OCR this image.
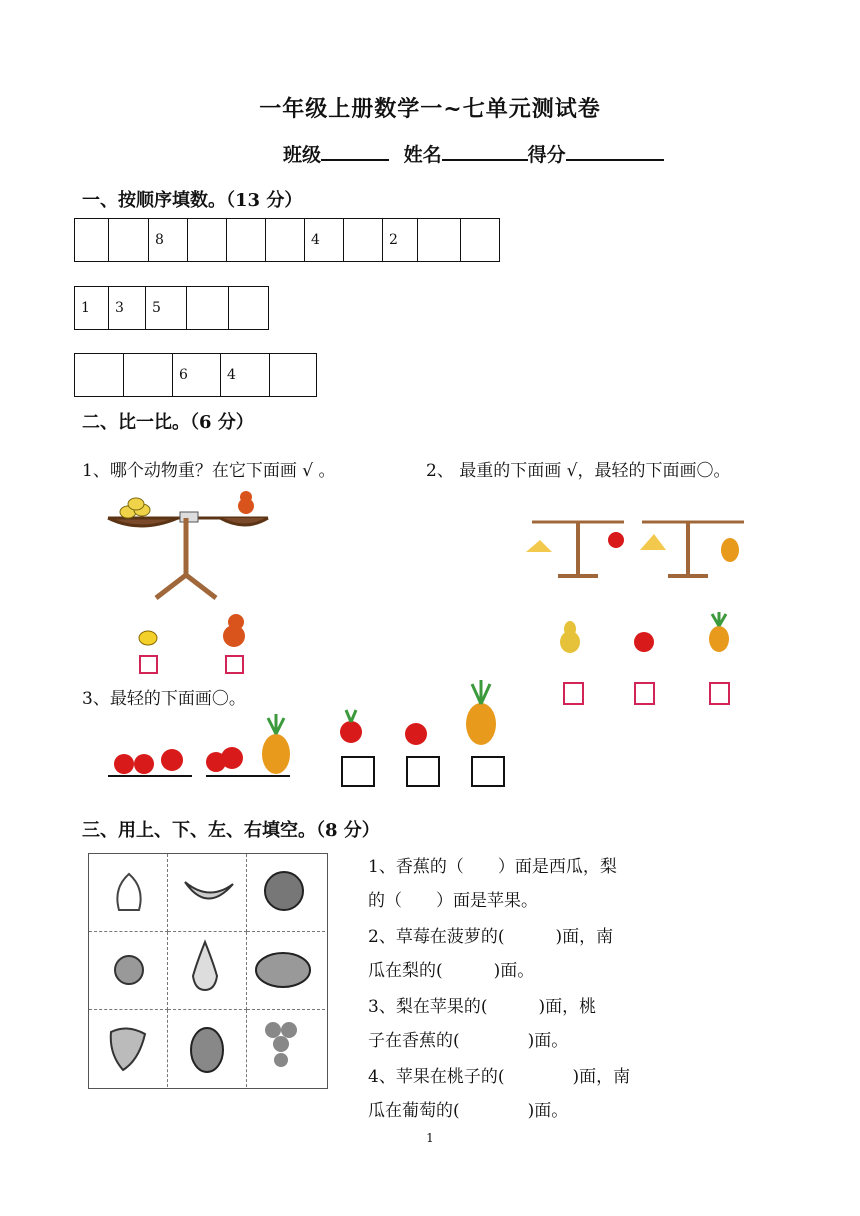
一年级上册数学一~七单元测试卷
班级	姓名	得分
一、按顺序填数。（13 分）
		8				4		2		
1	3	5		
		6	4	
二、比一比。（6 分）
1、哪个动物重？在它下面画 √ 。	2、 最重的下面画 √，最轻的下面画〇。
3、最轻的下面画〇。
三、用上、下、左、右填空。（8 分）
1、香蕉的（　　）面是西瓜，梨
的（　　）面是苹果。
2、草莓在菠萝的(　　　)面，南
瓜在梨的(　　　)面。
3、梨在苹果的(　　　)面，桃
子在香蕉的(　　　　)面。
4、苹果在桃子的(　　　　)面，南
瓜在葡萄的(　　　　)面。
1
